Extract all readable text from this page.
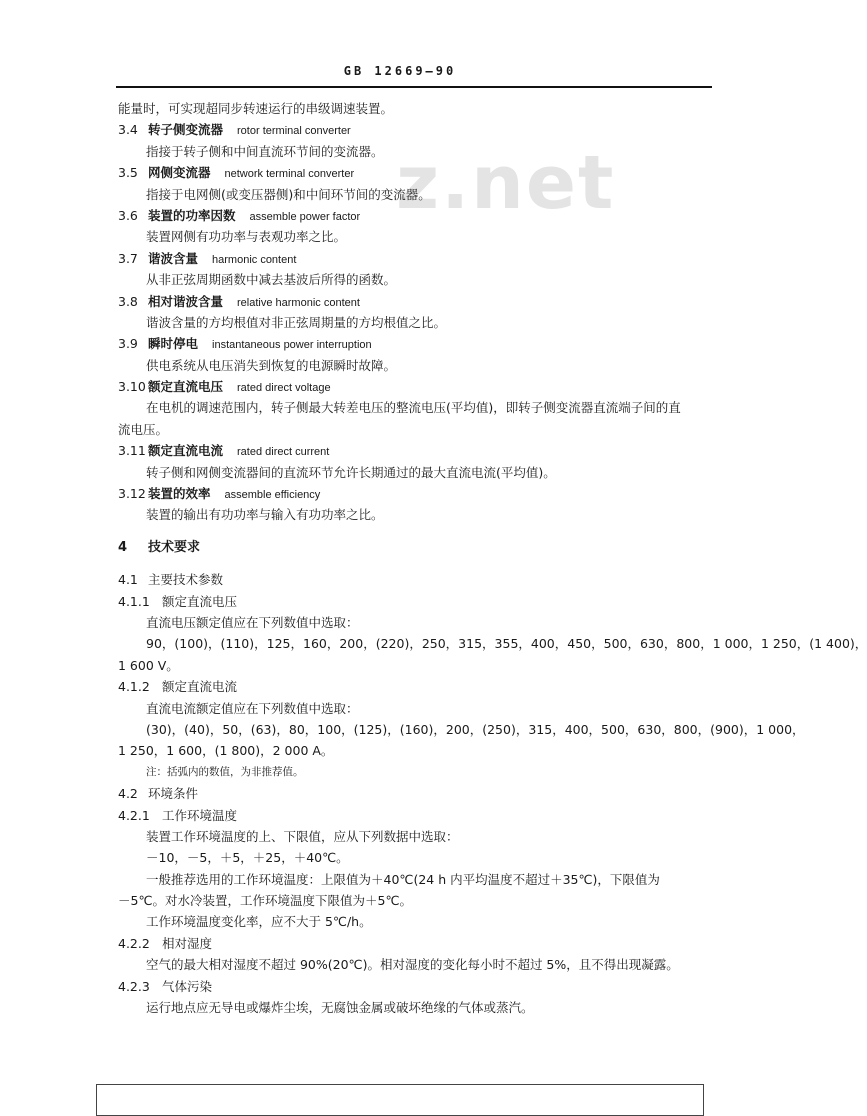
GB 12669—90
z.net
能量时，可实现超同步转速运行的串级调速装置。
3.4 转子侧变流器 rotor terminal converter
指接于转子侧和中间直流环节间的变流器。
3.5 网侧变流器 network terminal converter
指接于电网侧(或变压器侧)和中间环节间的变流器。
3.6 装置的功率因数 assemble power factor
装置网侧有功功率与表观功率之比。
3.7 谐波含量 harmonic content
从非正弦周期函数中减去基波后所得的函数。
3.8 相对谐波含量 relative harmonic content
谐波含量的方均根值对非正弦周期量的方均根值之比。
3.9 瞬时停电 instantaneous power interruption
供电系统从电压消失到恢复的电源瞬时故障。
3.10 额定直流电压 rated direct voltage
在电机的调速范围内，转子侧最大转差电压的整流电压(平均值)，即转子侧变流器直流端子间的直
流电压。
3.11 额定直流电流 rated direct current
转子侧和网侧变流器间的直流环节允许长期通过的最大直流电流(平均值)。
3.12 装置的效率 assemble efficiency
装置的输出有功功率与输入有功功率之比。
4 技术要求
4.1 主要技术参数
4.1.1 额定直流电压
直流电压额定值应在下列数值中选取：
90，(100)，(110)，125，160，200，(220)，250，315，355，400，450，500，630，800，1 000，1 250，(1 400)，
1 600 V。
4.1.2 额定直流电流
直流电流额定值应在下列数值中选取：
(30)，(40)，50，(63)，80，100，(125)，(160)，200，(250)，315，400，500，630，800，(900)，1 000，
1 250，1 600，(1 800)，2 000 A。
注：括弧内的数值，为非推荐值。
4.2 环境条件
4.2.1 工作环境温度
装置工作环境温度的上、下限值，应从下列数据中选取：
－10，－5，＋5，＋25，＋40℃。
一般推荐选用的工作环境温度：上限值为＋40℃(24 h 内平均温度不超过＋35℃)，下限值为
－5℃。对水冷装置，工作环境温度下限值为＋5℃。
工作环境温度变化率，应不大于 5℃/h。
4.2.2 相对湿度
空气的最大相对湿度不超过 90%(20℃)。相对湿度的变化每小时不超过 5%，且不得出现凝露。
4.2.3 气体污染
运行地点应无导电或爆炸尘埃，无腐蚀金属或破坏绝缘的气体或蒸汽。
